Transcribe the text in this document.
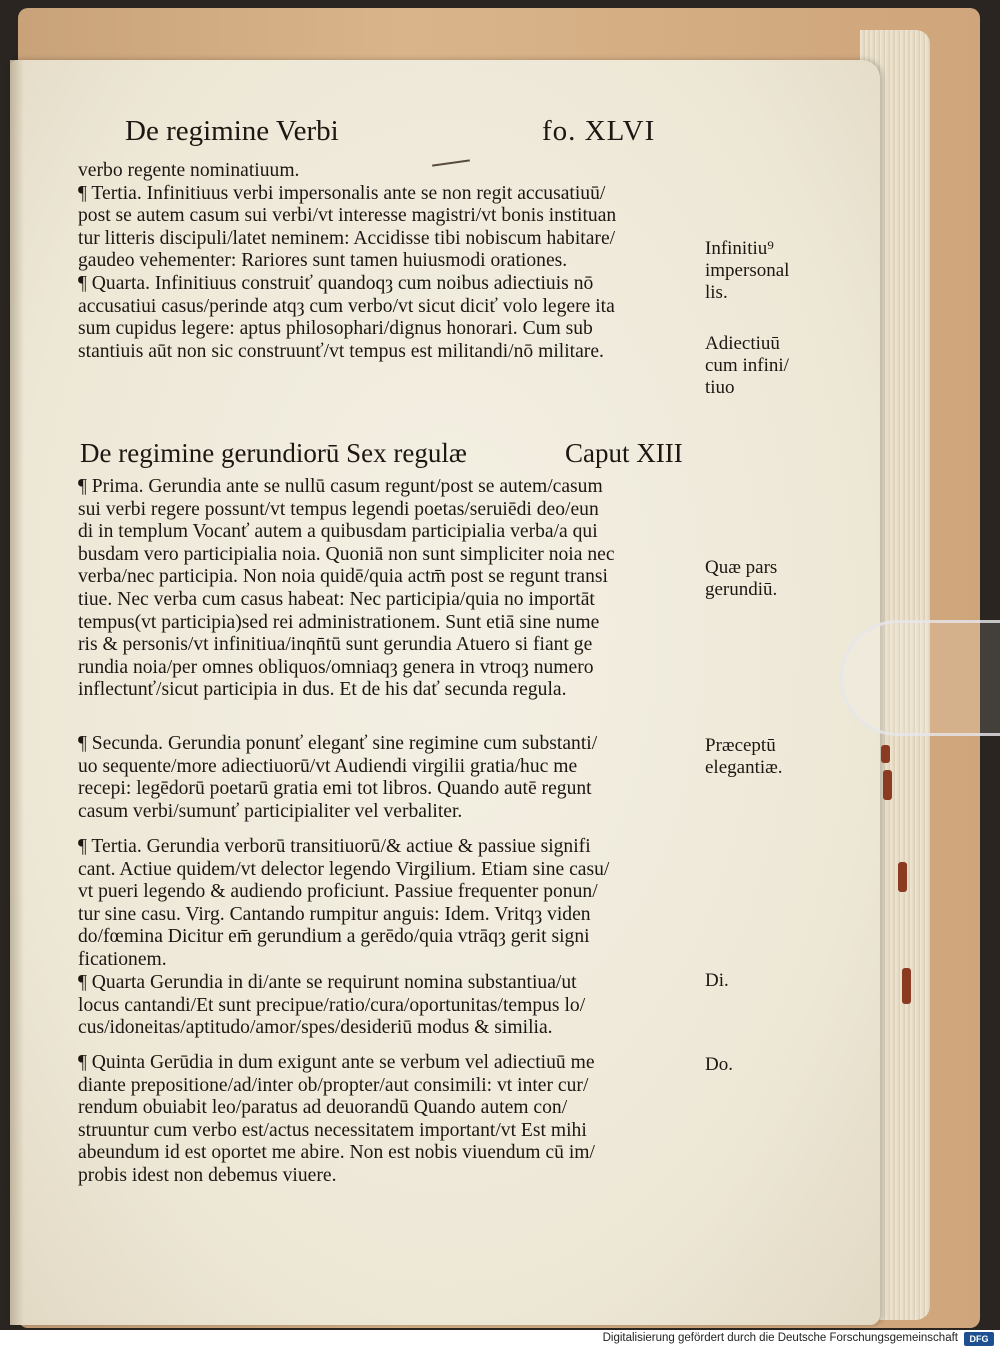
De regimine Verbi	fo. XLVI

verbo regente nominatiuum.

¶ Tertia. Infinitiuus verbi impersonalis ante se non regit accusatiuū/

post se autem casum sui verbi/vt interesse magistri/vt bonis instituan

tur litteris discipuli/latet neminem: Accidisse tibi nobiscum habitare/

gaudeo vehementer: Rariores sunt tamen huiusmodi orationes.

¶ Quarta. Infinitiuus construiť quandoqȝ cum noibus adiectiuis nō

accusatiui casus/perinde atqȝ cum verbo/vt sicut diciť volo legere ita

sum cupidus legere: aptus philosophari/dignus honorari. Cum sub

stantiuis aūt non sic construunť/vt tempus est militandi/nō militare.

De regimine gerundiorū Sex regulæ	Caput XIII

¶ Prima. Gerundia ante se nullū casum regunt/post se autem/casum

sui verbi regere possunt/vt tempus legendi poetas/seruiēdi deo/eun

di in templum Vocanť autem a quibusdam participialia verba/a qui

busdam vero participialia noia. Quoniā non sunt simpliciter noia nec

verba/nec participia. Non noia quidē/quia actm̄ post se regunt transi

tiue. Nec verba cum casus habeat: Nec participia/quia no importāt

tempus(vt participia)sed rei administrationem. Sunt etiā sine nume

ris & personis/vt infinitiua/inqn̄tū sunt gerundia Atuero si fiant ge

rundia noia/per omnes obliquos/omniaqȝ genera in vtroqȝ numero

inflectunť/sicut participia in dus. Et de his dať secunda regula.

¶ Secunda. Gerundia ponunť eleganť sine regimine cum substanti/

uo sequente/more adiectiuorū/vt Audiendi virgilii gratia/huc me

recepi: legēdorū poetarū gratia emi tot libros. Quando autē regunt

casum verbi/sumunť participialiter vel verbaliter.

¶ Tertia. Gerundia verborū transitiuorū/& actiue & passiue signifi

cant. Actiue quidem/vt delector legendo Virgilium. Etiam sine casu/

vt pueri legendo & audiendo proficiunt. Passiue frequenter ponun/

tur sine casu. Virg. Cantando rumpitur anguis: Idem. Vritqȝ viden

do/fœmina Dicitur em̄ gerundium a gerēdo/quia vtrāqȝ gerit signi

ficationem.

¶ Quarta Gerundia in di/ante se requirunt nomina substantiua/ut

locus cantandi/Et sunt precipue/ratio/cura/oportunitas/tempus lo/

cus/idoneitas/aptitudo/amor/spes/desideriū modus & similia.

¶ Quinta Gerūdia in dum exigunt ante se verbum vel adiectiuū me

diante prepositione/ad/inter ob/propter/aut consimili: vt inter cur/

rendum obuiabit leo/paratus ad deuorandū Quando autem con/

struuntur cum verbo est/actus necessitatem important/vt Est mihi

abeundum id est oportet me abire. Non est nobis viuendum cū im/

probis idest non debemus viuere.

Infinitiu⁹

impersonal

lis.

Adiectiuū

cum infini/

tiuo

Quæ pars

gerundiū.

Præceptū

elegantiæ.

Di.

Do.

Digitalisierung gefördert durch die Deutsche Forschungsgemeinschaft	DFG
